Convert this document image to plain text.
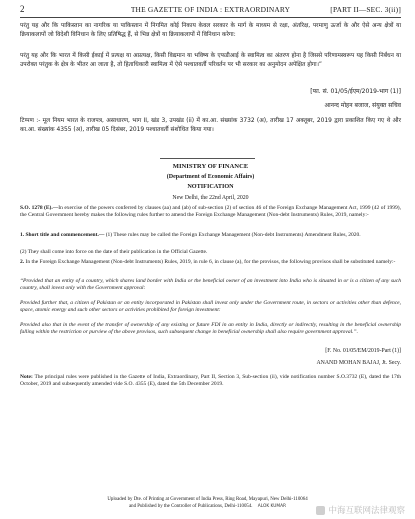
2	THE GAZETTE OF INDIA : EXTRAORDINARY	[PART II—SEC. 3(ii)]
परंतु यह और कि पाकिस्तान का नागरिक या पाकिस्तान में निगमित कोई निकाय केवल सरकार के मार्ग के माध्यम से रक्षा, अंतरिक्ष, परमाणु ऊर्जा के और ऐसे अन्य क्षेत्रों या क्रियाकलापों जो विदेशी विनिधान के लिए प्रतिषिद्ध हैं, से भिन्न क्षेत्रों या क्रियाकलापों में विनिधान करेगा:
परंतु यह और कि भारत में किसी ईकाई में प्रत्यक्ष या अप्रत्यक्ष, किसी विद्यमान या भविष्य के एफडीआई के स्वामित्व का अंतरण होना है जिससे परिणामस्वरूप यह किसी निर्बंधन या उपरोक्त परंतुक के क्षेत्र के भीतर आ जाता है, तो हिताधिकारी स्वामित्व में ऐसे पश्चातवर्ती परिवर्तन पर भी सरकार का अनुमोदन अपेक्षित होगा।”
[फा. सं. 01/05/ईएम/2019-भाग (1)]
आनन्द मोहन बजाज, संयुक्त सचिव
टिप्पण :- मूल नियम भारत के राजपत्र, असाधारण, भाग II, खंड 3, उपखंड (ii) में का.आ. संख्यांक 3732 (अ), तारीख 17 अक्तूबर, 2019 द्वारा प्रकाशित किए गए थे और का.आ. संख्यांक 4355 (अ), तारीख 05 दिसंबर, 2019 पश्चातवर्ती संशोधित किया गया।
MINISTRY OF FINANCE
(Department of Economic Affairs)
NOTIFICATION
New Delhi, the 22nd April, 2020
S.O. 1278 (E).—In exercise of the powers conferred by clauses (aa) and (ab) of sub-section (2) of section 46 of the Foreign Exchange Management Act, 1999 (42 of 1999), the Central Government hereby makes the following rules further to amend the Foreign Exchange Management (Non-debt Instruments) Rules, 2019, namely:-
1. Short title and commencement.— (1) These rules may be called the Foreign Exchange Management (Non-debt Instruments) Amendment Rules, 2020.
(2) They shall come into force on the date of their publication in the Official Gazette.
2. In the Foreign Exchange Management (Non-debt Instruments) Rules, 2019, in rule 6, in clause (a), for the provisos, the following provisos shall be substituted namely:-
“Provided that an entity of a country, which shares land border with India or the beneficial owner of an investment into India who is situated in or is a citizen of any such country, shall invest only with the Government approval:
Provided further that, a citizen of Pakistan or an entity incorporated in Pakistan shall invest only under the Government route, in sectors or activities other than defence, space, atomic energy and such other sectors or activities prohibited for foreign investment:
Provided also that in the event of the transfer of ownership of any existing or future FDI in an entity in India, directly or indirectly, resulting in the beneficial ownership falling within the restriction or purview of the above provisos, such subsequent change in beneficial ownership shall also require government approval.”.
[F. No. 01/05/EM/2019-Part (1)]
ANAND MOHAN BAJAJ, Jt. Secy.
Note: The principal rules were published in the Gazette of India, Extraordinary, Part II, Section 3, Sub-section (ii), vide notification number S.O.3732 (E), dated the 17th October, 2019 and subsequently amended vide S.O. 4355 (E), dated the 5th December 2019.
Uploaded by Dte. of Printing at Government of India Press, Ring Road, Mayapuri, New Delhi-110064
and Published by the Controller of Publications, Delhi-110054. ALOK KUMAR	中海互联网法律观察
